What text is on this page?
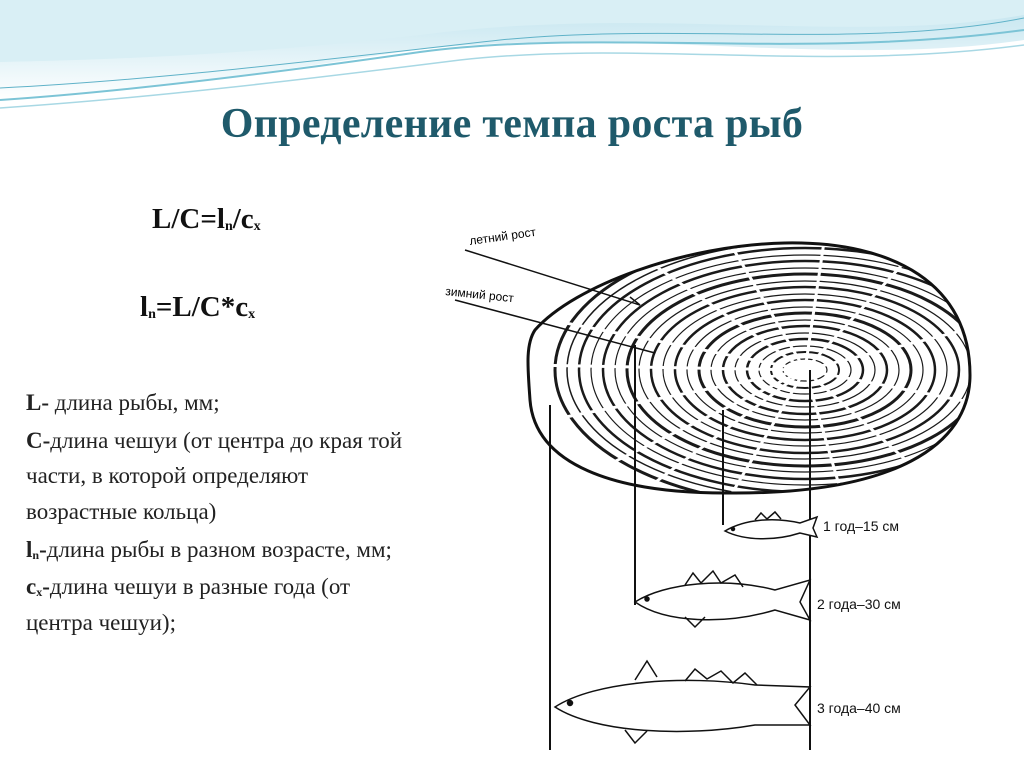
Определение темпа роста рыб
$L/C=l_n/c_x$
$l_n=L/C*c_x$
L- длина рыбы, мм;
С-длина чешуи (от центра до края той части, в которой определяют возрастные кольца)
$l_n$-длина рыбы в разном возрасте, мм;
$c_x$-длина чешуи в разные года (от центра чешуи);
летний рост
зимний рост
1 год–15 см
2 года–30 см
3 года–40 см
